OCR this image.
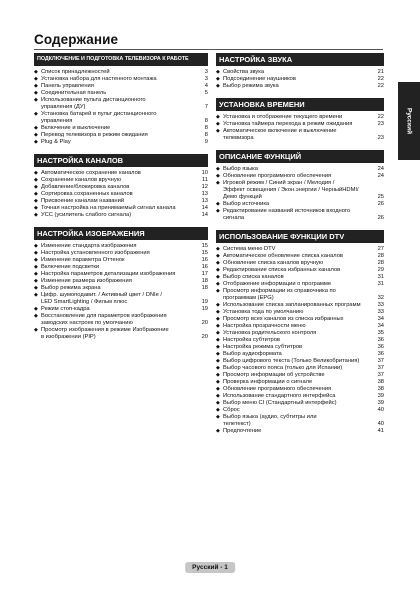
Содержание
ПОДКЛЮЧЕНИЕ И ПОДГОТОВКА ТЕЛЕВИЗОРА К РАБОТЕ
◆ Список принадлежностей	3
◆ Установка набора для настенного монтажа	3
◆ Панель управления	4
◆ Соединительная панель	5
◆ Использование пульта дистанционного
управления (ДУ)	7
◆ Установка батарей в пульт дистанционного
управления	8
◆ Включение и выключение	8
◆ Перевод телевизора в режим ожидания	8
◆ Plug & Play	9
НАСТРОЙКА КАНАЛОВ
◆ Автоматическое сохранение каналов	10
◆ Сохранение каналов вручную	11
◆ Добавление/блокировка каналов	12
◆ Сортировка сохраненных каналов	13
◆ Присвоение каналам названий	13
◆ Точная настройка на принимаемый сигнал канала	14
◆ УСС (усилитель слабого сигнала)	14
НАСТРОЙКА ИЗОБРАЖЕНИЯ
◆ Изменение стандарта изображения	15
◆ Настройка установленного изображения	15
◆ Изменение параметра Оттенок	16
◆ Включение подсветки	16
◆ Настройка параметров детализации изображения	17
◆ Изменение размера изображения	18
◆ Выбор режима экрана	18
◆ Цифр. шумоподавит. / Активный цвет / DNIe /
LED SmartLighting / Фильм плюс	19
◆ Режим стоп-кадра	19
◆ Восстановление для параметров изображения
заводских настроек по умолчанию	20
◆ Просмотр изображения в режиме Изображение
в изображении (PIP)	20
НАСТРОЙКА ЗВУКА
◆ Свойства звука	21
◆ Подсоединение наушников	22
◆ Выбор режима звука	22
УСТАНОВКА ВРЕМЕНИ
◆ Установка и отображение текущего времени	22
◆ Установка таймера перехода в режим ожидания	23
◆ Автоматическое включение и выключение
телевизора	23
ОПИСАНИЕ ФУНКЦИЙ
◆ Выбор языка	24
◆ Обновление программного обеспечения	24
◆ Игровой режим / Синий экран / Мелодия /
Эффект освещения / Экон.энергии / ЧерныйHDMI/
Демо функций	25
◆ Выбор источника	26
◆ Редактирование названий источников входного
сигнала	26
ИСПОЛЬЗОВАНИЕ ФУНКЦИИ DTV
◆ Система меню DTV	27
◆ Автоматическое обновление списка каналов	28
◆ Обновление списка каналов вручную	28
◆ Редактирование списка избранных каналов	29
◆ Выбор списка каналов	31
◆ Отображение информации о программе	31
◆ Просмотр информации из справочника по
программам (EPG)	32
◆ Использование списка запланированных программ	33
◆ Установка тода по умолчанию	33
◆ Просмотр всех каналов из списка избранных	34
◆ Настройка прозрачности меню	34
◆ Установка родительского контроля	35
◆ Настройка субтитров	36
◆ Настройка режима субтитров	36
◆ Выбор аудиоформата	36
◆ Выбор цифрового текста (Только Великобритания)	37
◆ Выбор часового пояса (только для Испании)	37
◆ Просмотр информации об устройстве	37
◆ Проверка информации о сигнале	38
◆ Обновление программного обеспечения	38
◆ Использование стандартного интерфейса	39
◆ Выбор меню CI (Стандартный интерфейс)	39
◆ Сброс	40
◆ Выбор языка (аудио, субтитры или
телетекст)	40
◆ Предпочтение	41
Русский
Русский - 1
